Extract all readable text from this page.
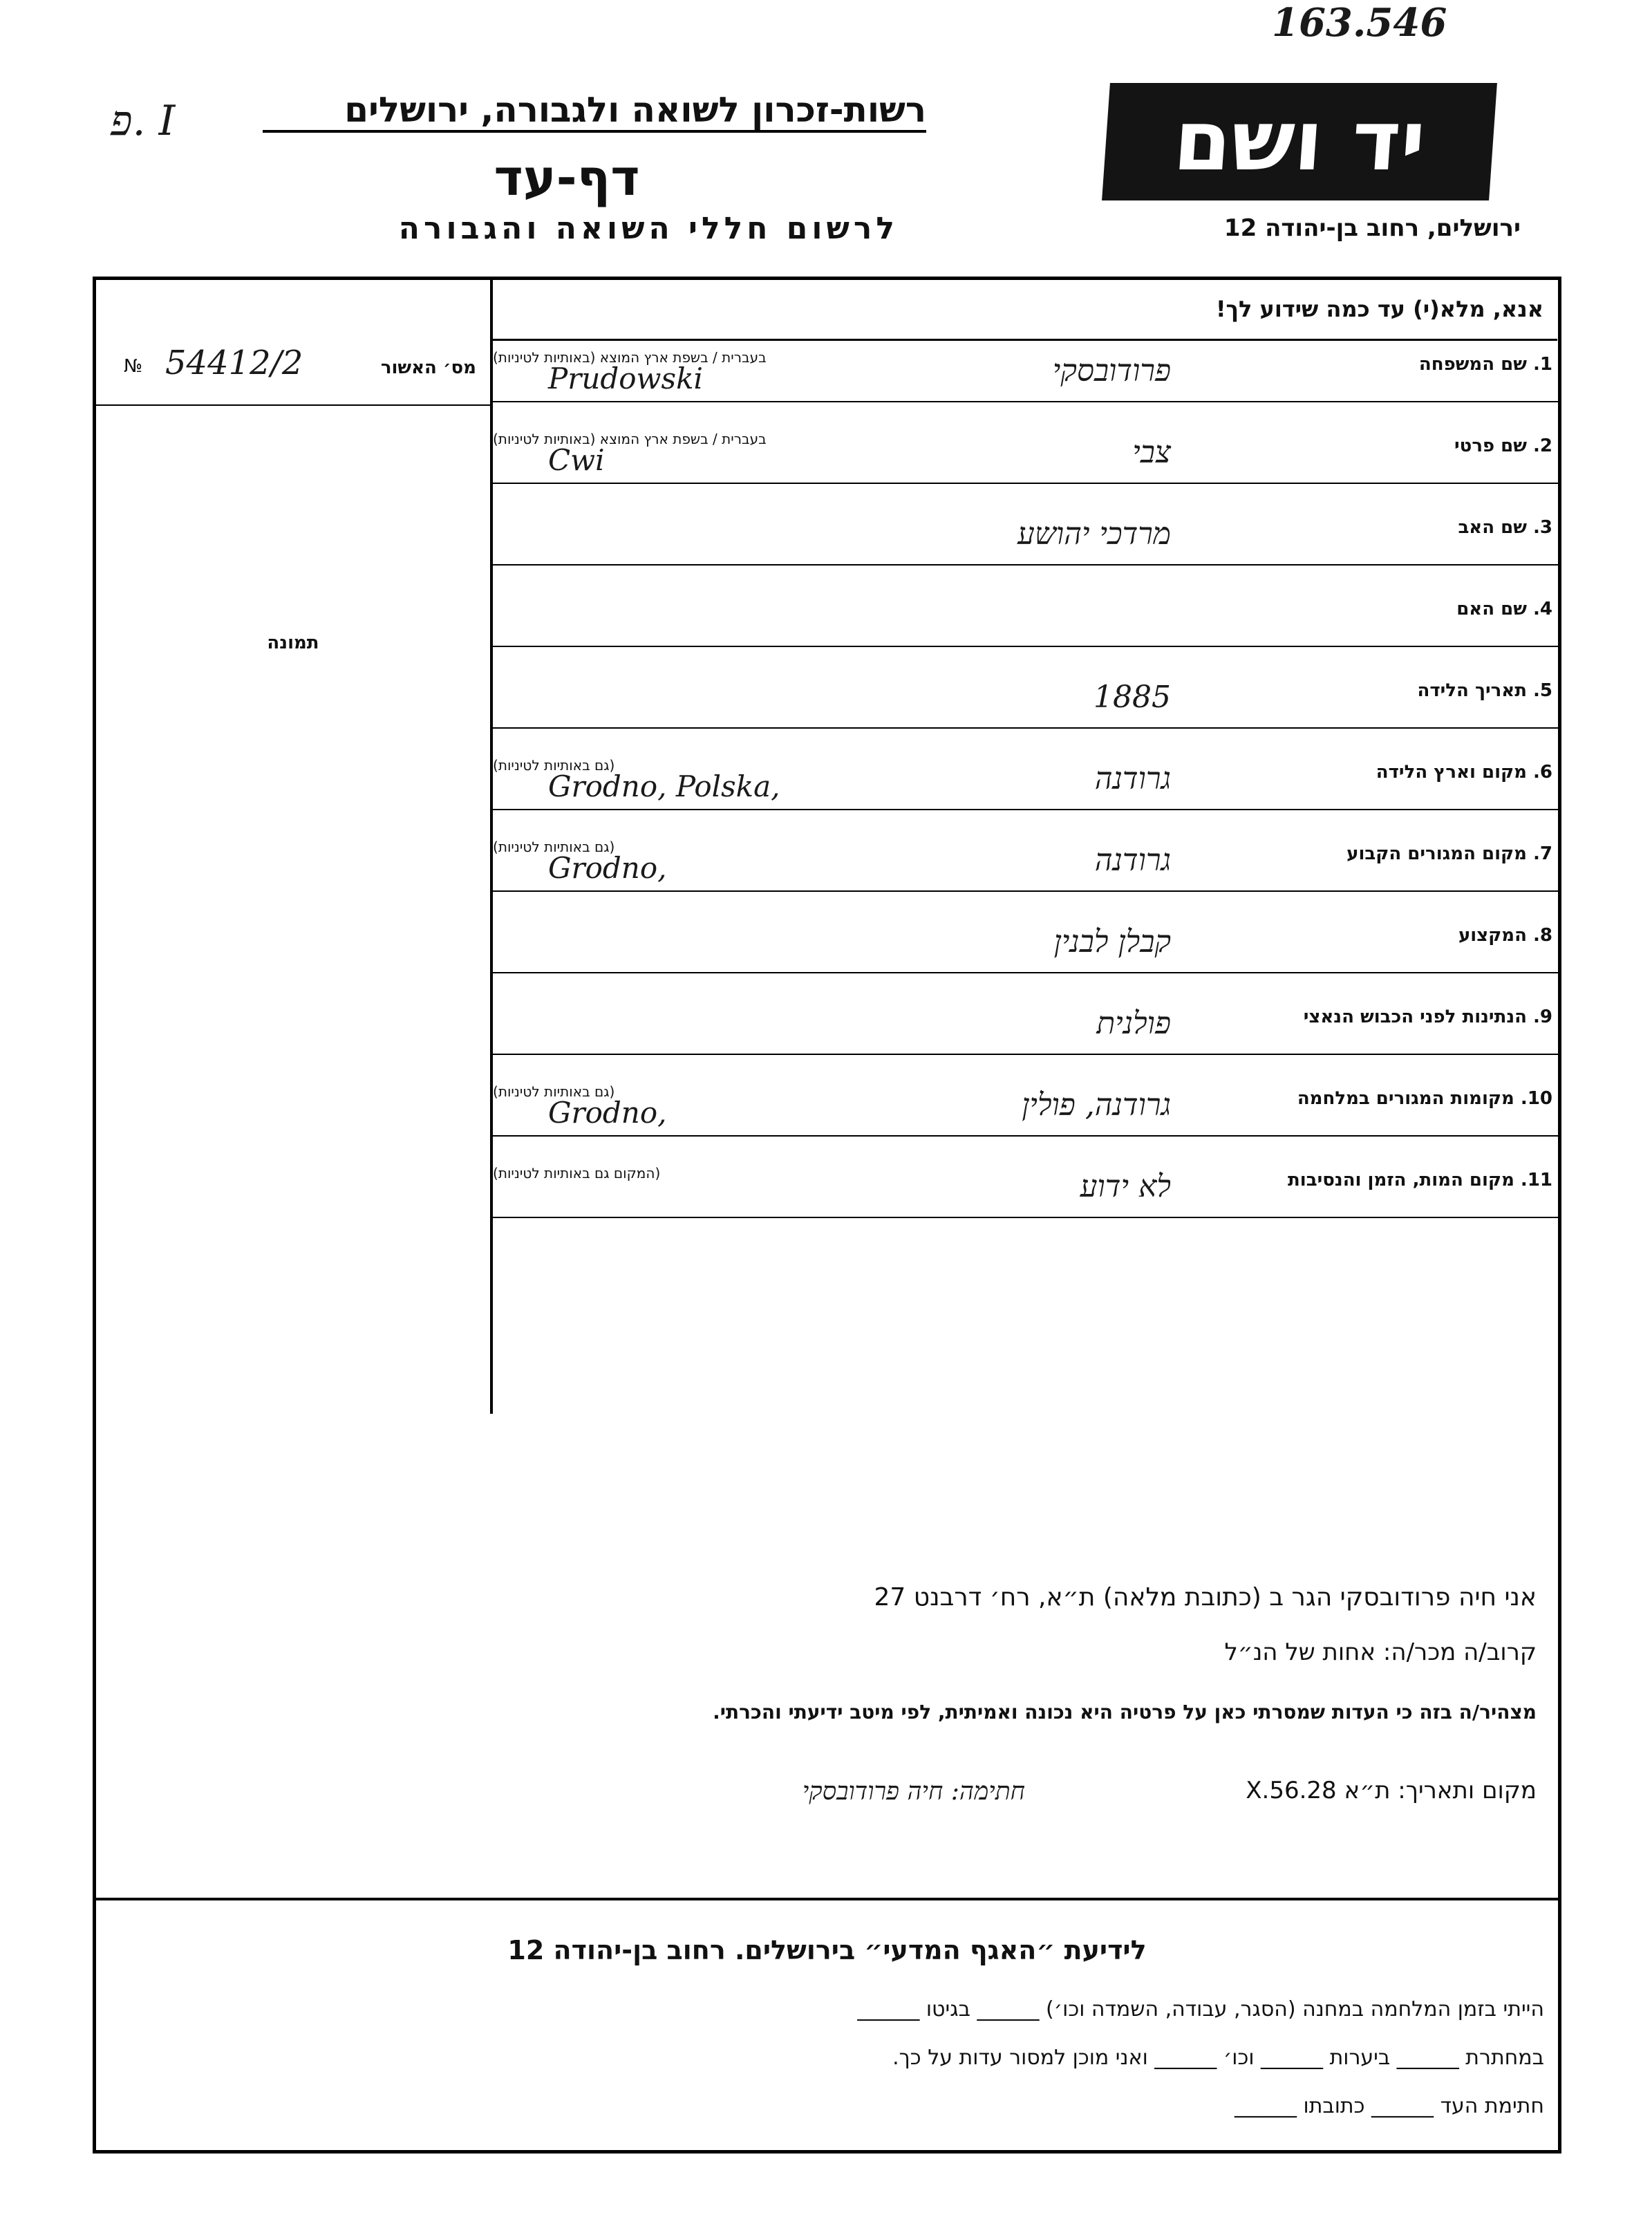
163.546
פ. I	רשות-זכרון לשואה ולגבורה, ירושלים
דף-עד
לרשום חללי השואה והגבורה
יד ושם
ירושלים, רחוב בן-יהודה 12
אנא, מלא(י) עד כמה שידוע לך!
№ 54412/2	מס׳ האשור
תמונה
1. שם המשפחה
בעברית / בשפת ארץ המוצא (באותיות לטיניות)	פרודובסקי
Prudowski
2. שם פרטי
בעברית / בשפת ארץ המוצא (באותיות לטיניות)	צבי
Cwi
3. שם האב
מרדכי יהושע
4. שם האם
5. תאריך הלידה
1885
6. מקום וארץ הלידה
(גם באותיות לטיניות)	גרודנה
Grodno, Polska,
7. מקום המגורים הקבוע
(גם באותיות לטיניות)	גרודנה
Grodno,
8. המקצוע
קבלן לבנין
9. הנתינות לפני הכבוש הנאצי
פולנית
10. מקומות המגורים במלחמה
(גם באותיות לטיניות)	גרודנה, פולין
Grodno,
11. מקום המות, הזמן והנסיבות
(המקום גם באותיות לטיניות)	לא ידוע
אני חיה פרודובסקי הגר ב (כתובת מלאה) ת״א, רח׳ דרבנט 27
קרוב/ה מכר/ה: אחות של הנ״ל
מצהיר/ה בזה כי העדות שמסרתי כאן על פרטיה היא נכונה ואמיתית, לפי מיטב ידיעתי והכרתי.
מקום ותאריך: ת״א 28.X.56
חתימה: חיה פרודובסקי
לידיעת ״האגף המדעי״ בירושלים. רחוב בן-יהודה 12
הייתי בזמן המלחמה במחנה (הסגר, עבודה, השמדה וכו׳) ______ בגיטו ______
במחתרת ______ ביערות ______ וכו׳ ______ ואני מוכן למסור עדות על כך.
חתימת העד ______ כתובתו ______
